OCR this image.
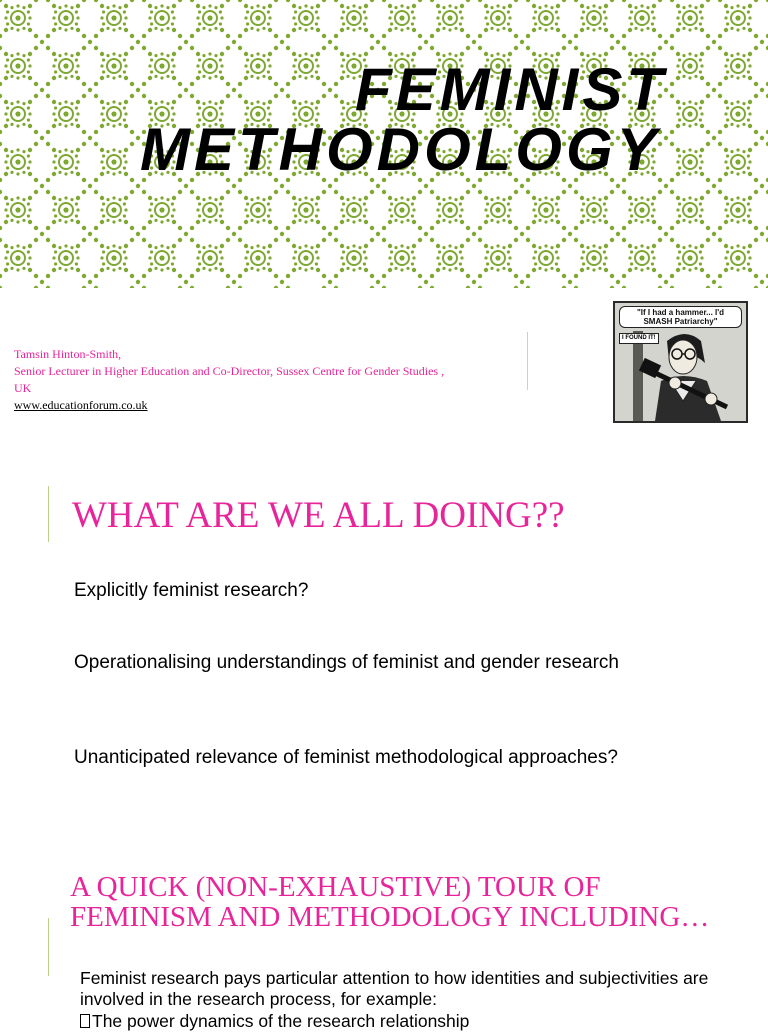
FEMINIST
METHODOLOGY
Tamsin Hinton-Smith,
Senior Lecturer in Higher Education and Co-Director, Sussex Centre for Gender Studies ,
UK
www.educationforum.co.uk
"If I had a hammer... I'd SMASH Patriarchy"
I FOUND IT!
WHAT ARE WE ALL DOING??

Explicitly feminist research?

Operationalising understandings of feminist and gender research

Unanticipated relevance of feminist methodological approaches?

A QUICK (NON-EXHAUSTIVE) TOUR OF FEMINISM AND METHODOLOGY INCLUDING…

Feminist research pays particular attention to how identities and subjectivities are involved in the research process, for example:

The power dynamics of the research relationship
